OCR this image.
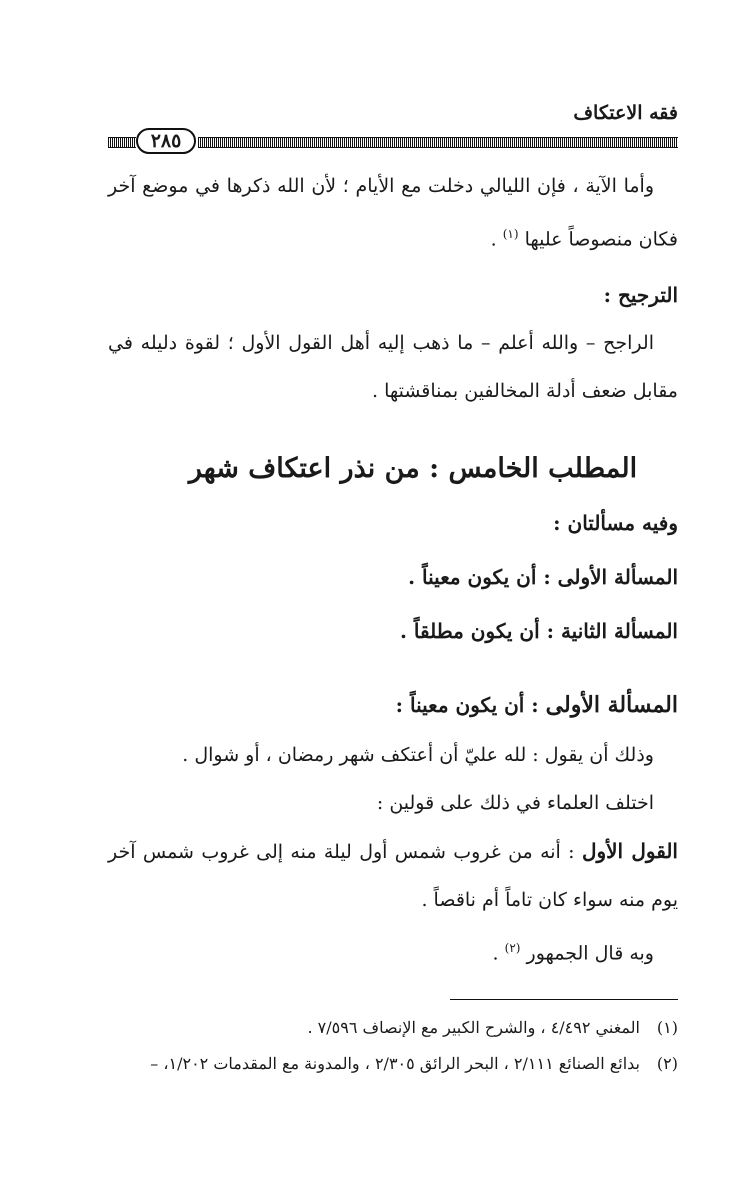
فقه الاعتكاف
٢٨٥

وأما الآية ، فإن الليالي دخلت مع الأيام ؛ لأن الله ذكرها في موضع آخر فكان منصوصاً عليها $^{(١)}$ .

الترجيح :

الراجح – والله أعلم – ما ذهب إليه أهل القول الأول ؛ لقوة دليله في مقابل ضعف أدلة المخالفين بمناقشتها .

المطلب الخامس : من نذر اعتكاف شهر

وفيه مسألتان :

المسألة الأولى : أن يكون معيناً .

المسألة الثانية : أن يكون مطلقاً .

المسألة الأولى : أن يكون معيناً :

وذلك أن يقول : لله عليّ أن أعتكف شهر رمضان ، أو شوال .

اختلف العلماء في ذلك على قولين :

القول الأول : أنه من غروب شمس أول ليلة منه إلى غروب شمس آخر يوم منه سواء كان تاماً أم ناقصاً .

وبه قال الجمهور $^{(٢)}$ .

(١)المغني ٤/٤٩٢ ، والشرح الكبير مع الإنصاف ٧/٥٩٦ .

(٢)بدائع الصنائع ٢/١١١ ، البحر الرائق ٢/٣٠٥ ، والمدونة مع المقدمات ١/٢٠٢، –
